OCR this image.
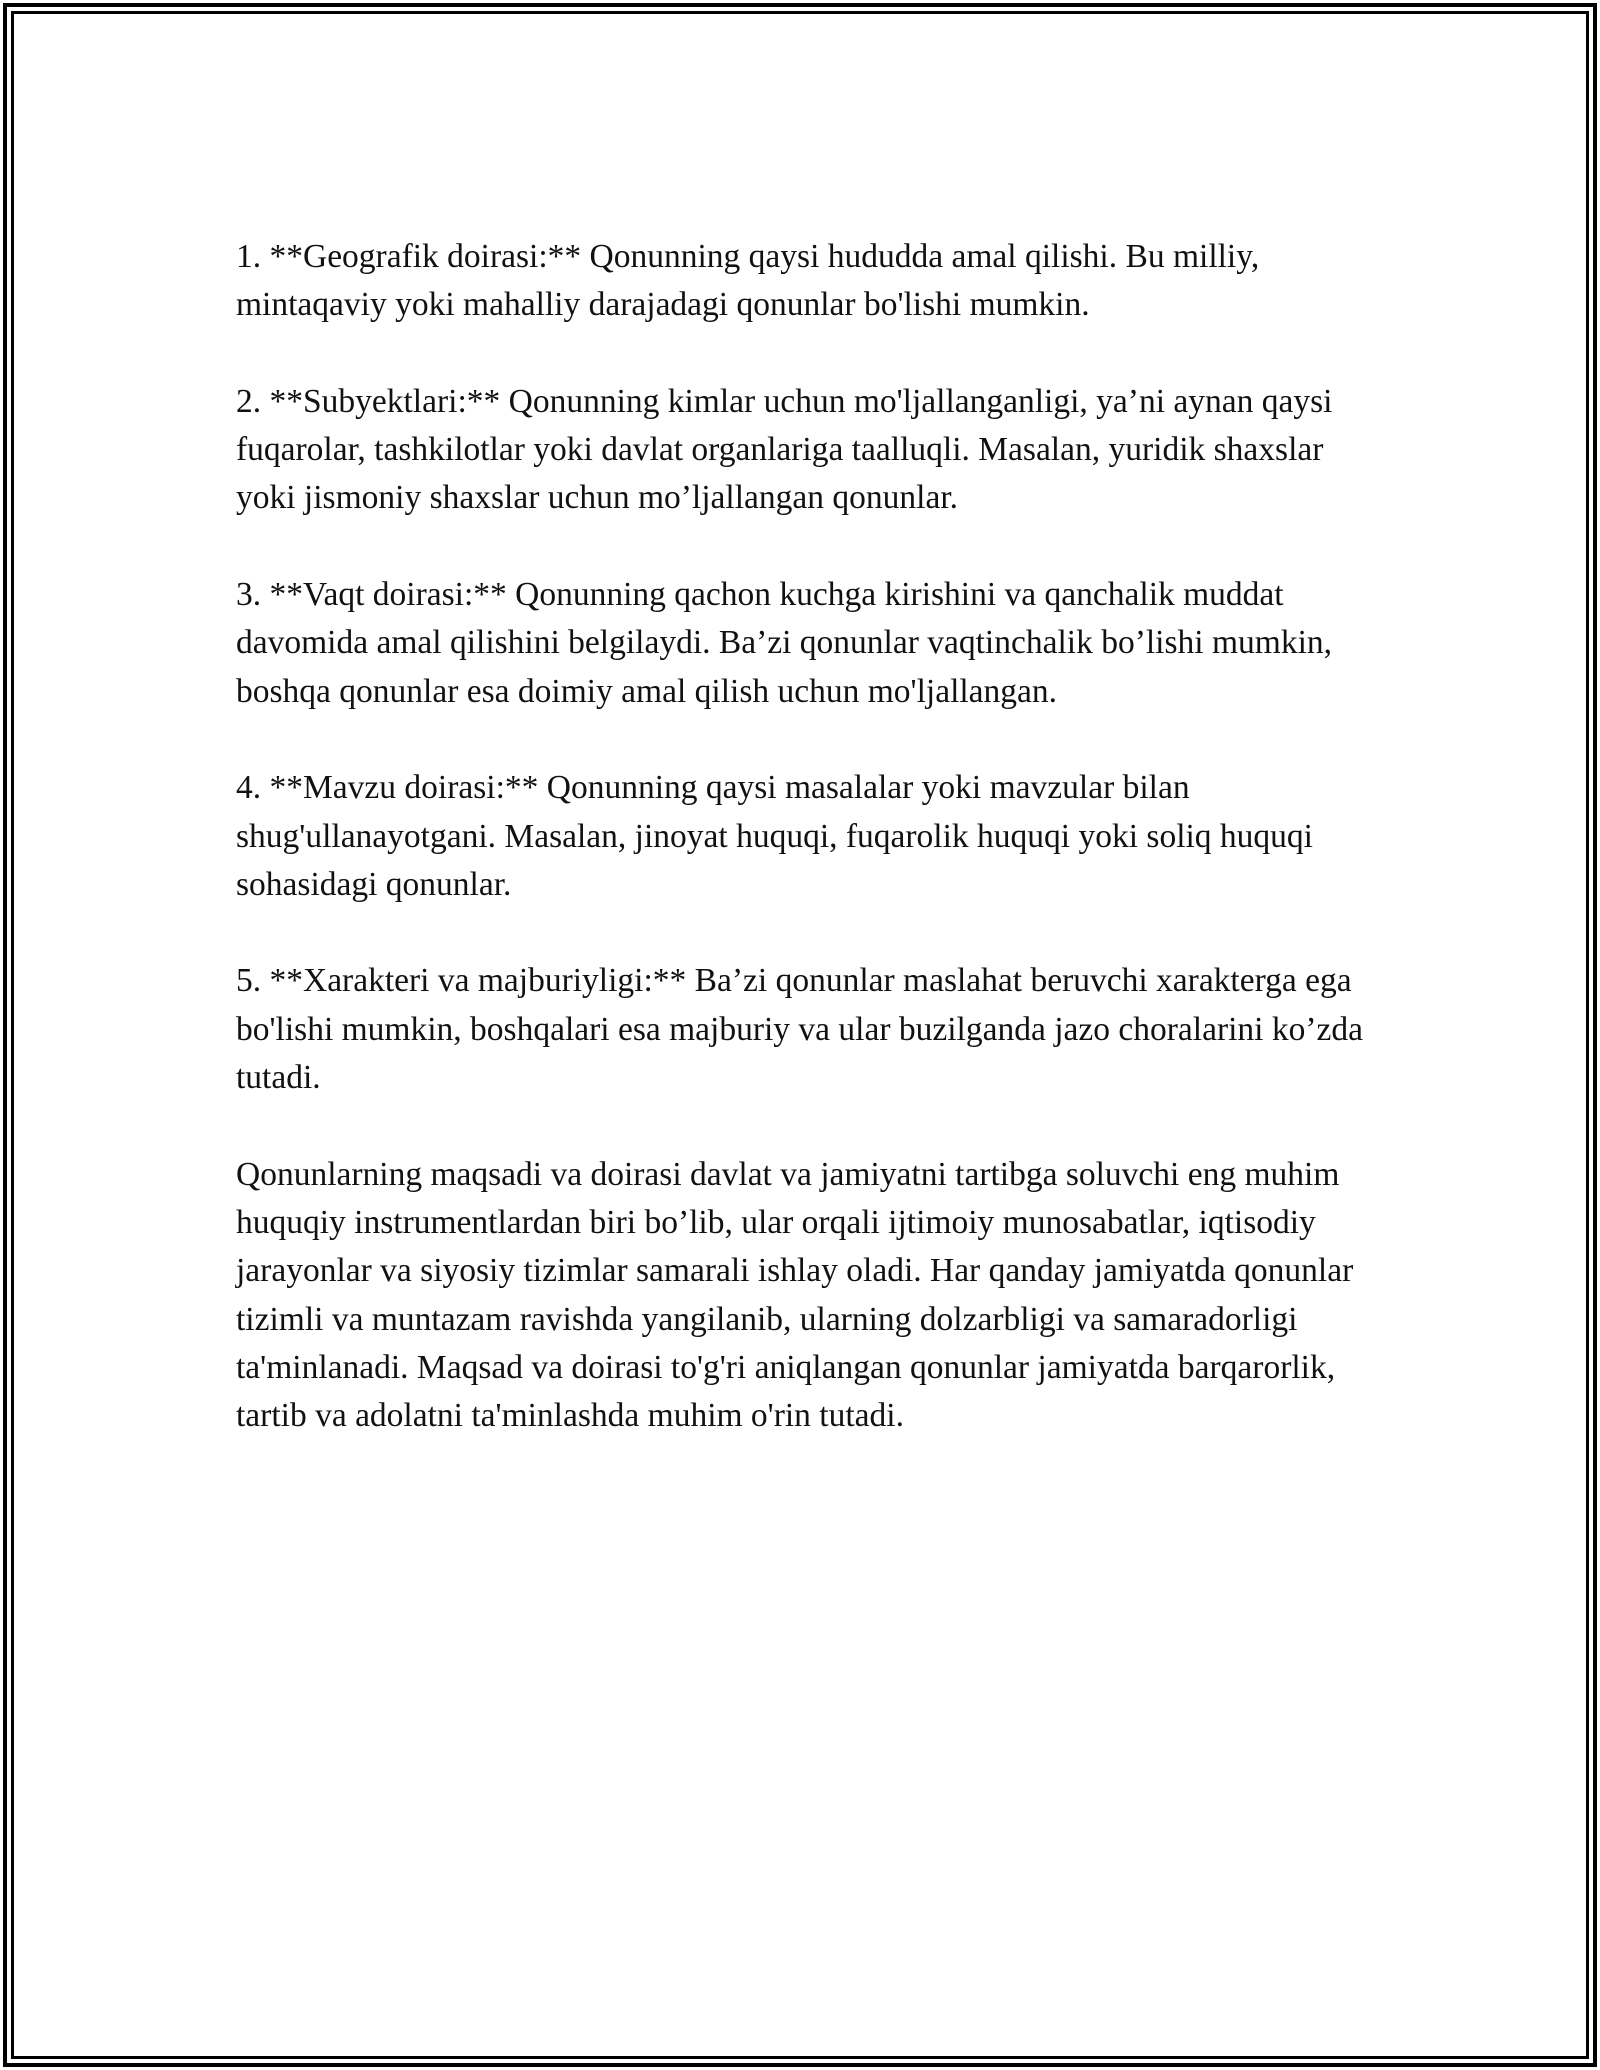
1. **Geografik doirasi:** Qonunning qaysi hududda amal qilishi. Bu milliy, mintaqaviy yoki mahalliy darajadagi qonunlar bo'lishi mumkin.

2. **Subyektlari:** Qonunning kimlar uchun mo'ljallanganligi, ya’ni aynan qaysi fuqarolar, tashkilotlar yoki davlat organlariga taalluqli. Masalan, yuridik shaxslar yoki jismoniy shaxslar uchun mo’ljallangan qonunlar.

3. **Vaqt doirasi:** Qonunning qachon kuchga kirishini va qanchalik muddat davomida amal qilishini belgilaydi. Ba’zi qonunlar vaqtinchalik bo’lishi mumkin, boshqa qonunlar esa doimiy amal qilish uchun mo'ljallangan.

4. **Mavzu doirasi:** Qonunning qaysi masalalar yoki mavzular bilan shug'ullanayotgani. Masalan, jinoyat huquqi, fuqarolik huquqi yoki soliq huquqi sohasidagi qonunlar.

5. **Xarakteri va majburiyligi:** Ba’zi qonunlar maslahat beruvchi xarakterga ega bo'lishi mumkin, boshqalari esa majburiy va ular buzilganda jazo choralarini ko’zda tutadi.

Qonunlarning maqsadi va doirasi davlat va jamiyatni tartibga soluvchi eng muhim huquqiy instrumentlardan biri bo’lib, ular orqali ijtimoiy munosabatlar, iqtisodiy jarayonlar va siyosiy tizimlar samarali ishlay oladi. Har qanday jamiyatda qonunlar tizimli va muntazam ravishda yangilanib, ularning dolzarbligi va samaradorligi ta'minlanadi. Maqsad va doirasi to'g'ri aniqlangan qonunlar jamiyatda barqarorlik, tartib va adolatni ta'minlashda muhim o'rin tutadi.
